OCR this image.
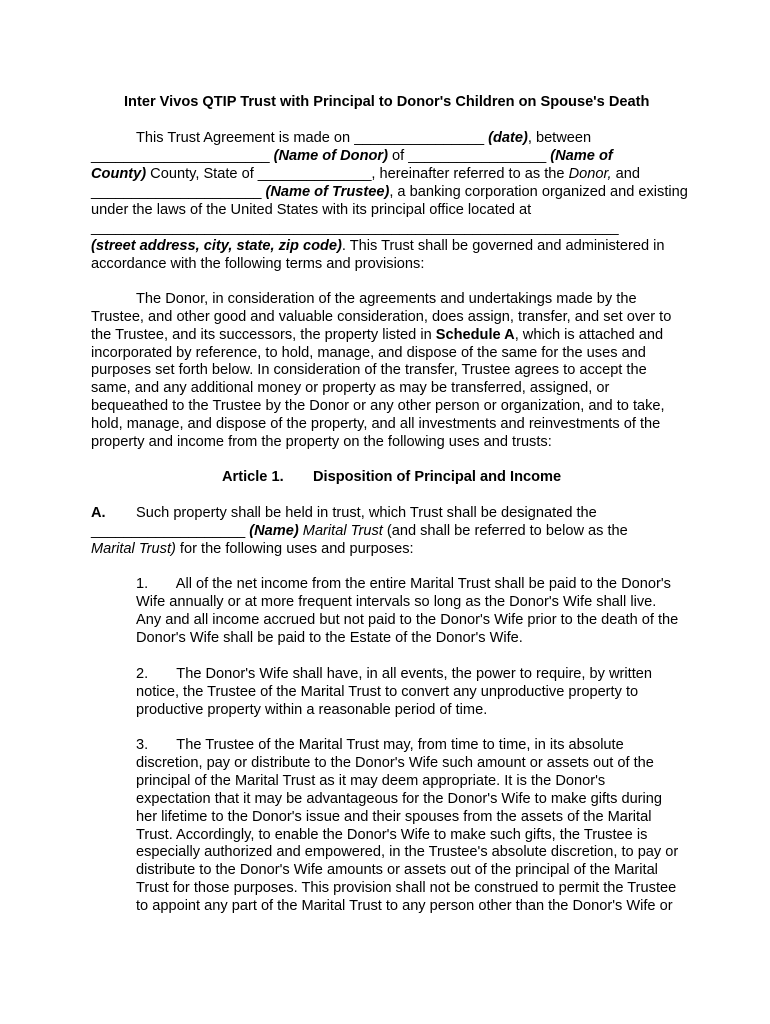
Inter Vivos QTIP Trust with Principal to Donor's Children on Spouse's Death
This Trust Agreement is made on ________________ (date), between
______________________ (Name of Donor) of _________________ (Name of
County) County, State of ______________, hereinafter referred to as the Donor, and
_____________________ (Name of Trustee), a banking corporation organized and existing
under the laws of the United States with its principal office located at
_________________________________________________________________
(street address, city, state, zip code). This Trust shall be governed and administered in
accordance with the following terms and provisions:
The Donor, in consideration of the agreements and undertakings made by the
Trustee, and other good and valuable consideration, does assign, transfer, and set over to
the Trustee, and its successors, the property listed in Schedule A, which is attached and
incorporated by reference, to hold, manage, and dispose of the same for the uses and
purposes set forth below. In consideration of the transfer, Trustee agrees to accept the
same, and any additional money or property as may be transferred, assigned, or
bequeathed to the Trustee by the Donor or any other person or organization, and to take,
hold, manage, and dispose of the property, and all investments and reinvestments of the
property and income from the property on the following uses and trusts:
Article 1. Disposition of Principal and Income
A. Such property shall be held in trust, which Trust shall be designated the
___________________ (Name) Marital Trust (and shall be referred to below as the
Marital Trust) for the following uses and purposes:
1.       All of the net income from the entire Marital Trust shall be paid to the Donor's
Wife annually or at more frequent intervals so long as the Donor's Wife shall live.
Any and all income accrued but not paid to the Donor's Wife prior to the death of the
Donor's Wife shall be paid to the Estate of the Donor's Wife.
2.       The Donor's Wife shall have, in all events, the power to require, by written
notice, the Trustee of the Marital Trust to convert any unproductive property to
productive property within a reasonable period of time.
3.       The Trustee of the Marital Trust may, from time to time, in its absolute
discretion, pay or distribute to the Donor's Wife such amount or assets out of the
principal of the Marital Trust as it may deem appropriate. It is the Donor's
expectation that it may be advantageous for the Donor's Wife to make gifts during
her lifetime to the Donor's issue and their spouses from the assets of the Marital
Trust. Accordingly, to enable the Donor's Wife to make such gifts, the Trustee is
especially authorized and empowered, in the Trustee's absolute discretion, to pay or
distribute to the Donor's Wife amounts or assets out of the principal of the Marital
Trust for those purposes. This provision shall not be construed to permit the Trustee
to appoint any part of the Marital Trust to any person other than the Donor's Wife or
